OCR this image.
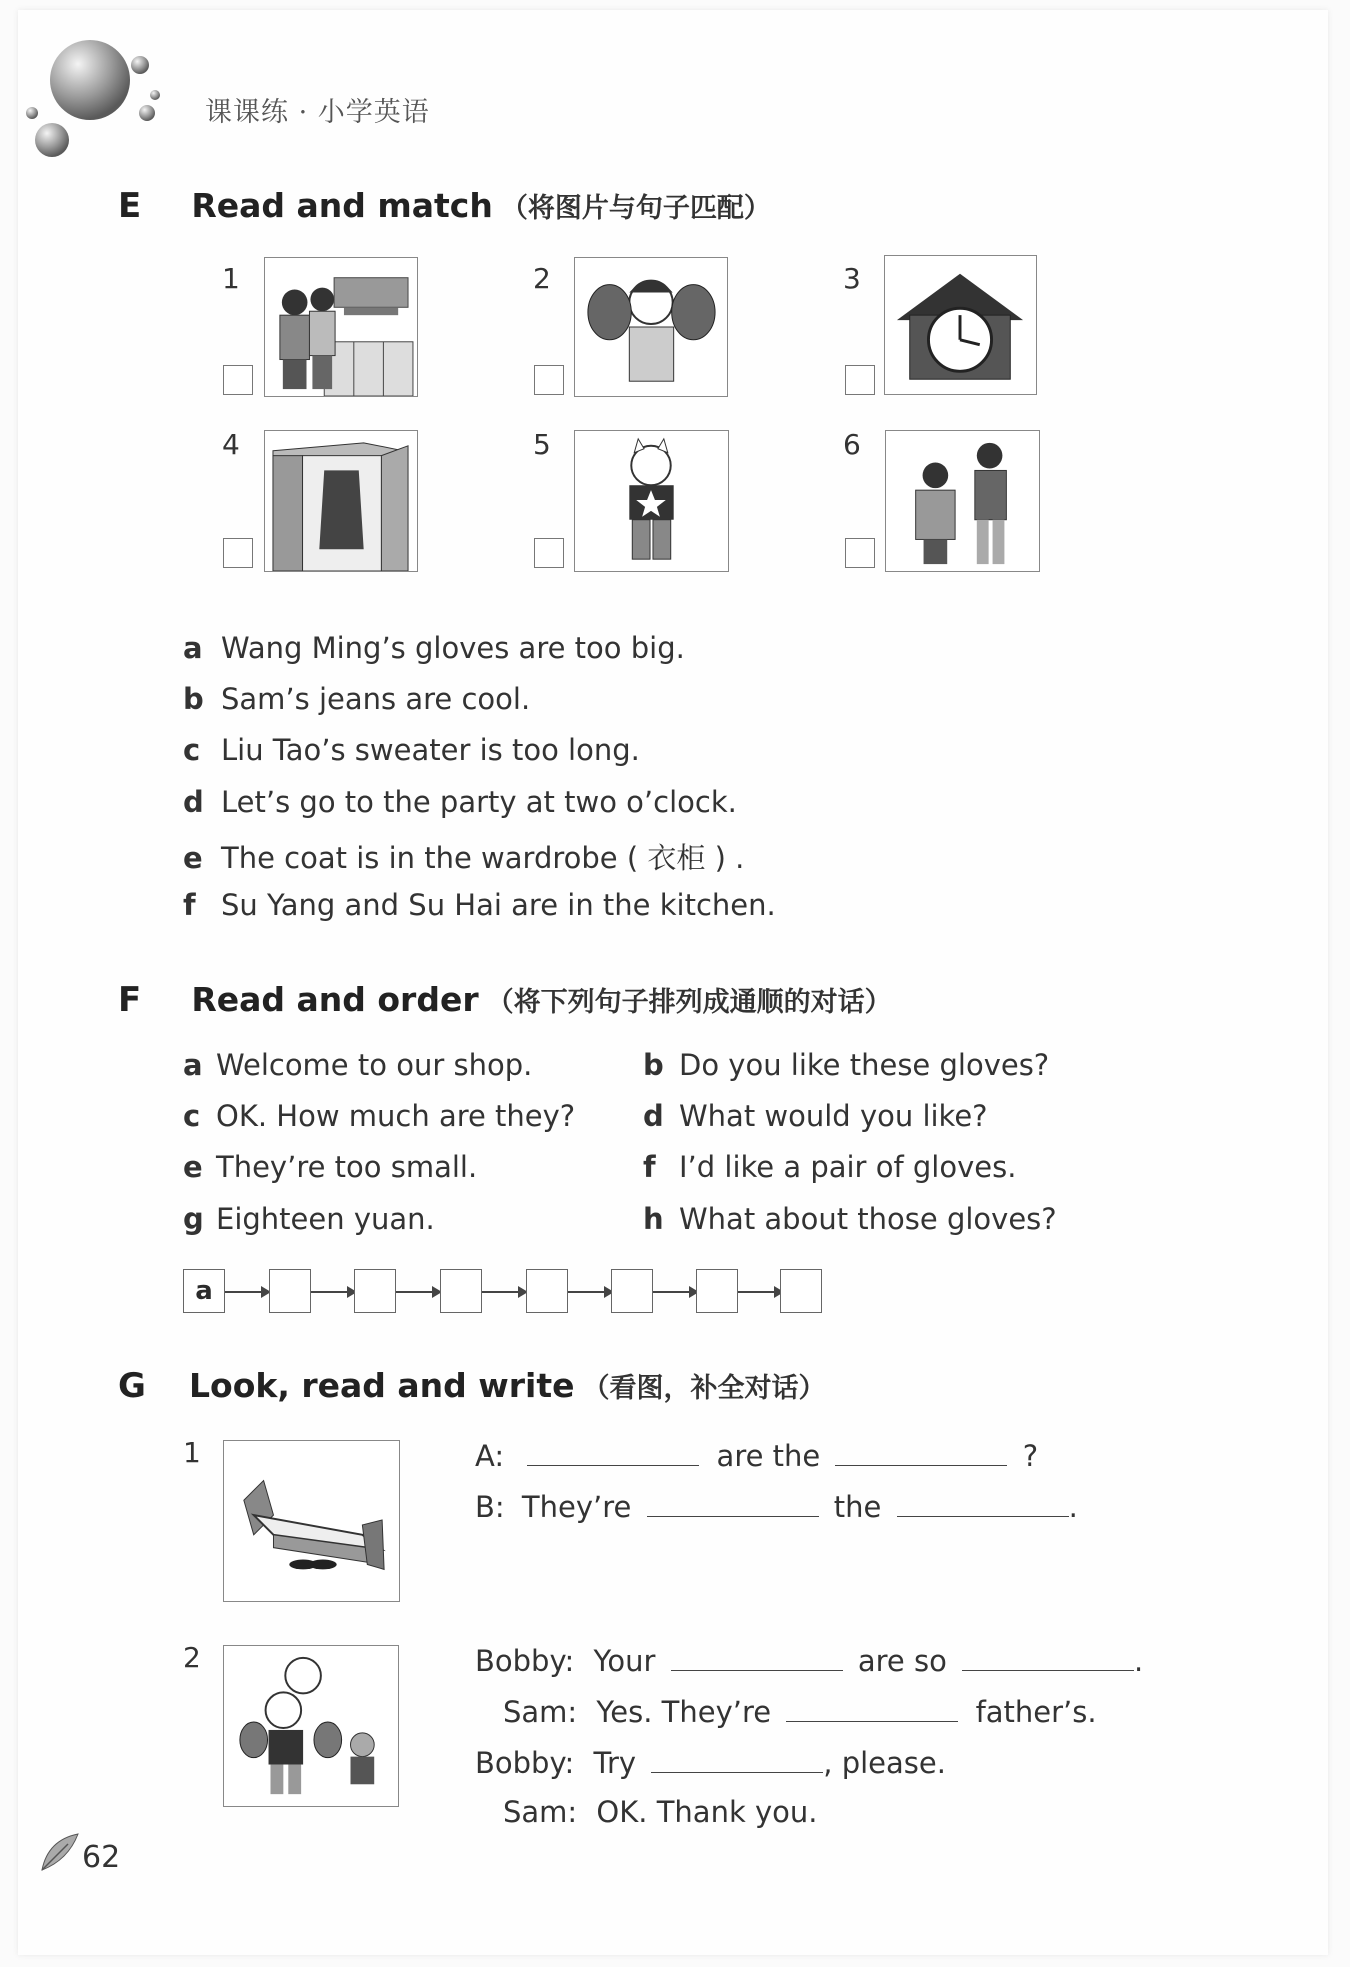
课课练 · 小学英语
E Read and match （将图片与句子匹配）
1	2	3
4	5	6
a Wang Ming’s gloves are too big.
b Sam’s jeans are cool.
c Liu Tao’s sweater is too long.
d Let’s go to the party at two o’clock.
e The coat is in the wardrobe ( 衣柜 ) .
f Su Yang and Su Hai are in the kitchen.
F Read and order （将下列句子排列成通顺的对话）
a Welcome to our shop.	b Do you like these gloves?
c OK. How much are they? d What would you like?
e They’re too small.	f I’d like a pair of gloves.
g Eighteen yuan.	h What about those gloves?
a
G Look, read and write （看图，补全对话）
1	A:	are the	?
B: They’re	the	.
2	Bobby: Your	are so	.
Sam: Yes. They’re	father’s.
Bobby: Try	, please.
Sam: OK. Thank you.
62
